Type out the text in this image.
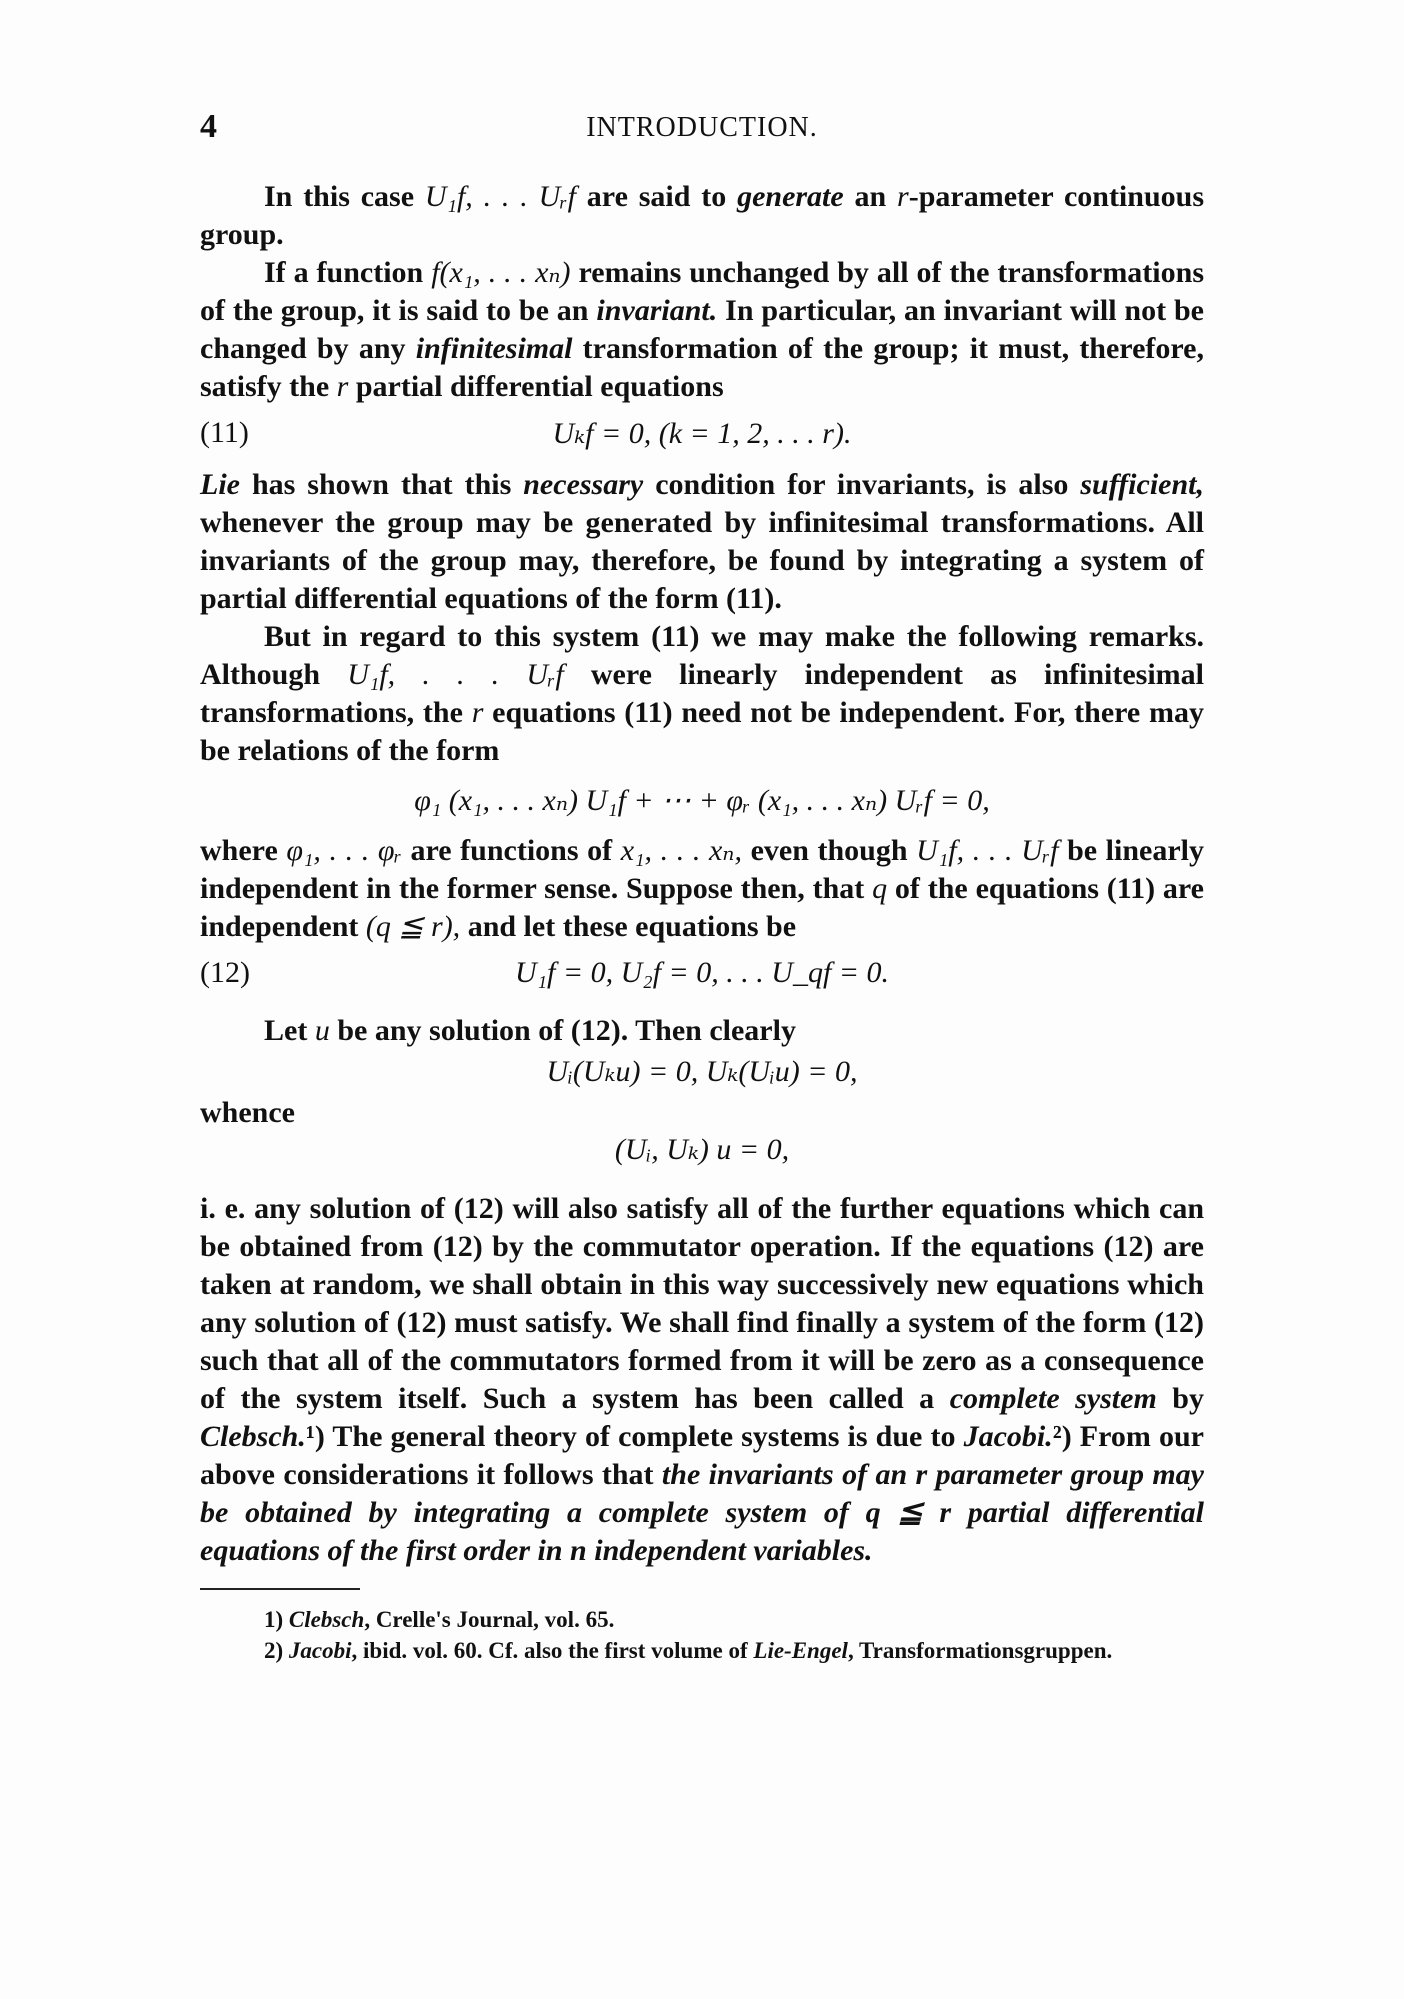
4	INTRODUCTION.

In this case U₁f, . . . Uᵣf are said to generate an r-parameter continuous group.

If a function f(x₁, . . . xₙ) remains unchanged by all of the transformations of the group, it is said to be an invariant. In particular, an invariant will not be changed by any infinitesimal transformation of the group; it must, therefore, satisfy the r partial differential equations

(11)	Uₖf = 0, (k = 1, 2, . . . r).

Lie has shown that this necessary condition for invariants, is also sufficient, whenever the group may be generated by infinitesimal transformations. All invariants of the group may, therefore, be found by integrating a system of partial differential equations of the form (11).

But in regard to this system (11) we may make the following remarks. Although U₁f, . . . Uᵣf were linearly independent as infinitesimal transformations, the r equations (11) need not be independent. For, there may be relations of the form

φ₁ (x₁, . . . xₙ) U₁f + ⋯ + φᵣ (x₁, . . . xₙ) Uᵣf = 0,

where φ₁, . . . φᵣ are functions of x₁, . . . xₙ, even though U₁f, . . . Uᵣf be linearly independent in the former sense. Suppose then, that q of the equations (11) are independent (q ≦ r), and let these equations be

(12)	U₁f = 0, U₂f = 0, . . . U_qf = 0.

Let u be any solution of (12). Then clearly

Uᵢ(Uₖu) = 0, Uₖ(Uᵢu) = 0,
whence
(Uᵢ, Uₖ) u = 0,

i. e. any solution of (12) will also satisfy all of the further equations which can be obtained from (12) by the commutator operation. If the equations (12) are taken at random, we shall obtain in this way successively new equations which any solution of (12) must satisfy. We shall find finally a system of the form (12) such that all of the commutators formed from it will be zero as a consequence of the system itself. Such a system has been called a complete system by Clebsch.¹) The general theory of complete systems is due to Jacobi.²) From our above considerations it follows that the invariants of an r parameter group may be obtained by integrating a complete system of q ≦ r partial differential equations of the first order in n independent variables.

1) Clebsch, Crelle's Journal, vol. 65.

2) Jacobi, ibid. vol. 60. Cf. also the first volume of Lie-Engel, Transformationsgruppen.
